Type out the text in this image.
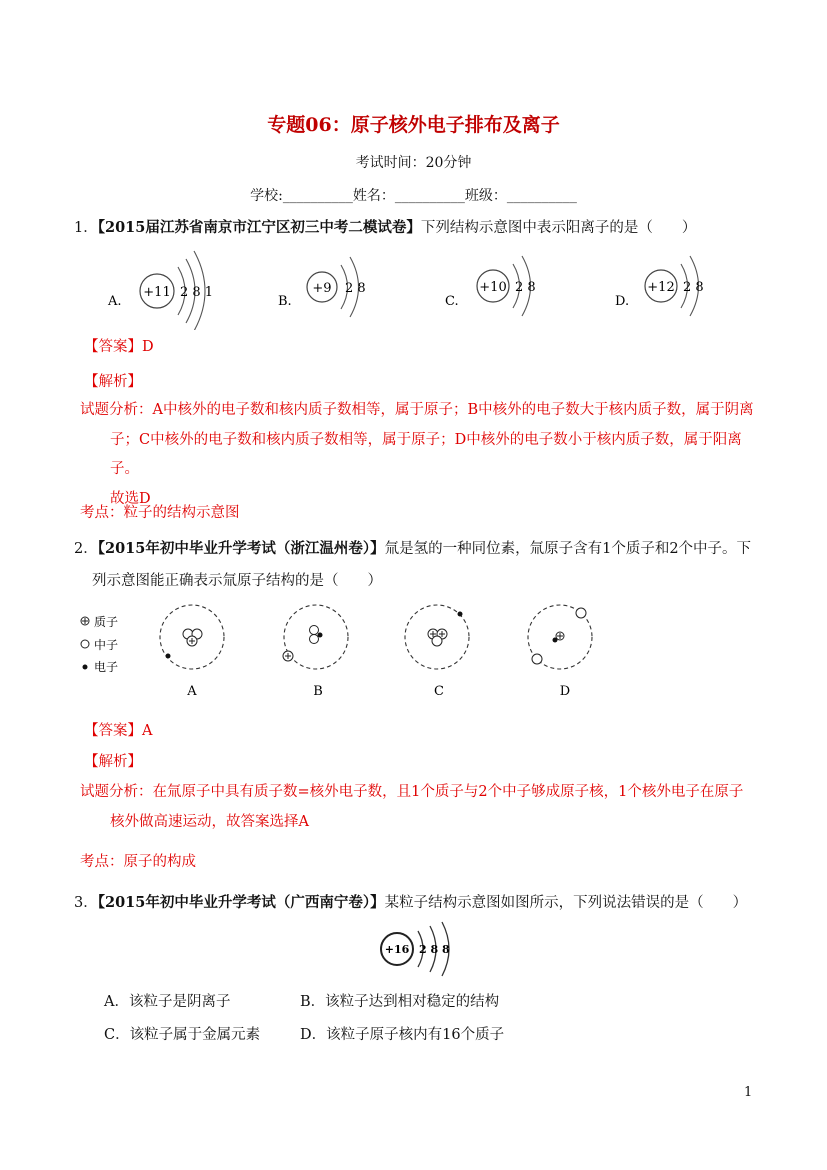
专题06：原子核外电子排布及离子
考试时间：20分钟
学校:__________姓名：__________班级：__________
1．【2015届江苏省南京市江宁区初三中考二模试卷】下列结构示意图中表示阳离子的是（　　）
A.
+11 2 8 1
B.
+9 2 8
C.
+10 2 8
D.
+12 2 8
【答案】D
【解析】
试题分析：A中核外的电子数和核内质子数相等，属于原子；B中核外的电子数大于核内质子数，属于阴离
子；C中核外的电子数和核内质子数相等，属于原子；D中核外的电子数小于核内质子数，属于阳离子。
故选D
考点：粒子的结构示意图
2．【2015年初中毕业升学考试（浙江温州卷）】氚是氢的一种同位素，氚原子含有1个质子和2个中子。下
列示意图能正确表示氚原子结构的是（　　）
质子
中子
电子
A	B	C	D
【答案】A
【解析】
试题分析：在氚原子中具有质子数=核外电子数，且1个质子与2个中子够成原子核，1个核外电子在原子
核外做高速运动，故答案选择A
考点：原子的构成
3．【2015年初中毕业升学考试（广西南宁卷）】某粒子结构示意图如图所示，下列说法错误的是（　　）
+16 2 8 8
A．该粒子是阴离子	B．该粒子达到相对稳定的结构
C．该粒子属于金属元素	D．该粒子原子核内有16个质子
1
